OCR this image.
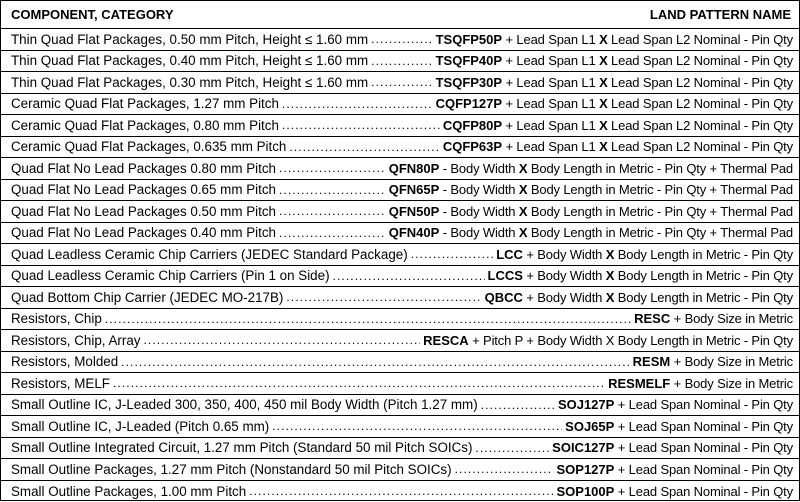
COMPONENT, CATEGORY	LAND PATTERN NAME
Thin Quad Flat Packages, 0.50 mm Pitch, Height ≤ 1.60 mm .....	TSQFP50P + Lead Span L1 X Lead Span L2 Nominal - Pin Qty
Thin Quad Flat Packages, 0.40 mm Pitch, Height ≤ 1.60 mm .....	TSQFP40P + Lead Span L1 X Lead Span L2 Nominal - Pin Qty
Thin Quad Flat Packages, 0.30 mm Pitch, Height ≤ 1.60 mm .....	TSQFP30P + Lead Span L1 X Lead Span L2 Nominal - Pin Qty
Ceramic Quad Flat Packages, 1.27 mm Pitch .....	CQFP127P + Lead Span L1 X Lead Span L2 Nominal - Pin Qty
Ceramic Quad Flat Packages, 0.80 mm Pitch .....	CQFP80P + Lead Span L1 X Lead Span L2 Nominal - Pin Qty
Ceramic Quad Flat Packages, 0.635 mm Pitch .....	CQFP63P + Lead Span L1 X Lead Span L2 Nominal - Pin Qty
Quad Flat No Lead Packages 0.80 mm Pitch .....	QFN80P - Body Width X Body Length in Metric - Pin Qty + Thermal Pad
Quad Flat No Lead Packages 0.65 mm Pitch .....	QFN65P - Body Width X Body Length in Metric - Pin Qty + Thermal Pad
Quad Flat No Lead Packages 0.50 mm Pitch .....	QFN50P - Body Width X Body Length in Metric - Pin Qty + Thermal Pad
Quad Flat No Lead Packages 0.40 mm Pitch .....	QFN40P - Body Width X Body Length in Metric - Pin Qty + Thermal Pad
Quad Leadless Ceramic Chip Carriers (JEDEC Standard Package) .....	LCC + Body Width X Body Length in Metric - Pin Qty
Quad Leadless Ceramic Chip Carriers (Pin 1 on Side) .....	LCCS + Body Width X Body Length in Metric - Pin Qty
Quad Bottom Chip Carrier (JEDEC MO-217B) .....	QBCC + Body Width X Body Length in Metric - Pin Qty
Resistors, Chip .....	RESC + Body Size in Metric
Resistors, Chip, Array .....	RESCA + Pitch P + Body Width X Body Length in Metric - Pin Qty
Resistors, Molded .....	RESM + Body Size in Metric
Resistors, MELF .....	RESMELF + Body Size in Metric
Small Outline IC, J-Leaded 300, 350, 400, 450 mil Body Width (Pitch 1.27 mm) .....	SOJ127P + Lead Span Nominal - Pin Qty
Small Outline IC, J-Leaded (Pitch 0.65 mm) .....	SOJ65P + Lead Span Nominal - Pin Qty
Small Outline Integrated Circuit, 1.27 mm Pitch (Standard 50 mil Pitch SOICs) .....	SOIC127P + Lead Span Nominal - Pin Qty
Small Outline Packages, 1.27 mm Pitch (Nonstandard 50 mil Pitch SOICs) .....	SOP127P + Lead Span Nominal - Pin Qty
Small Outline Packages, 1.00 mm Pitch .....	SOP100P + Lead Span Nominal - Pin Qty
